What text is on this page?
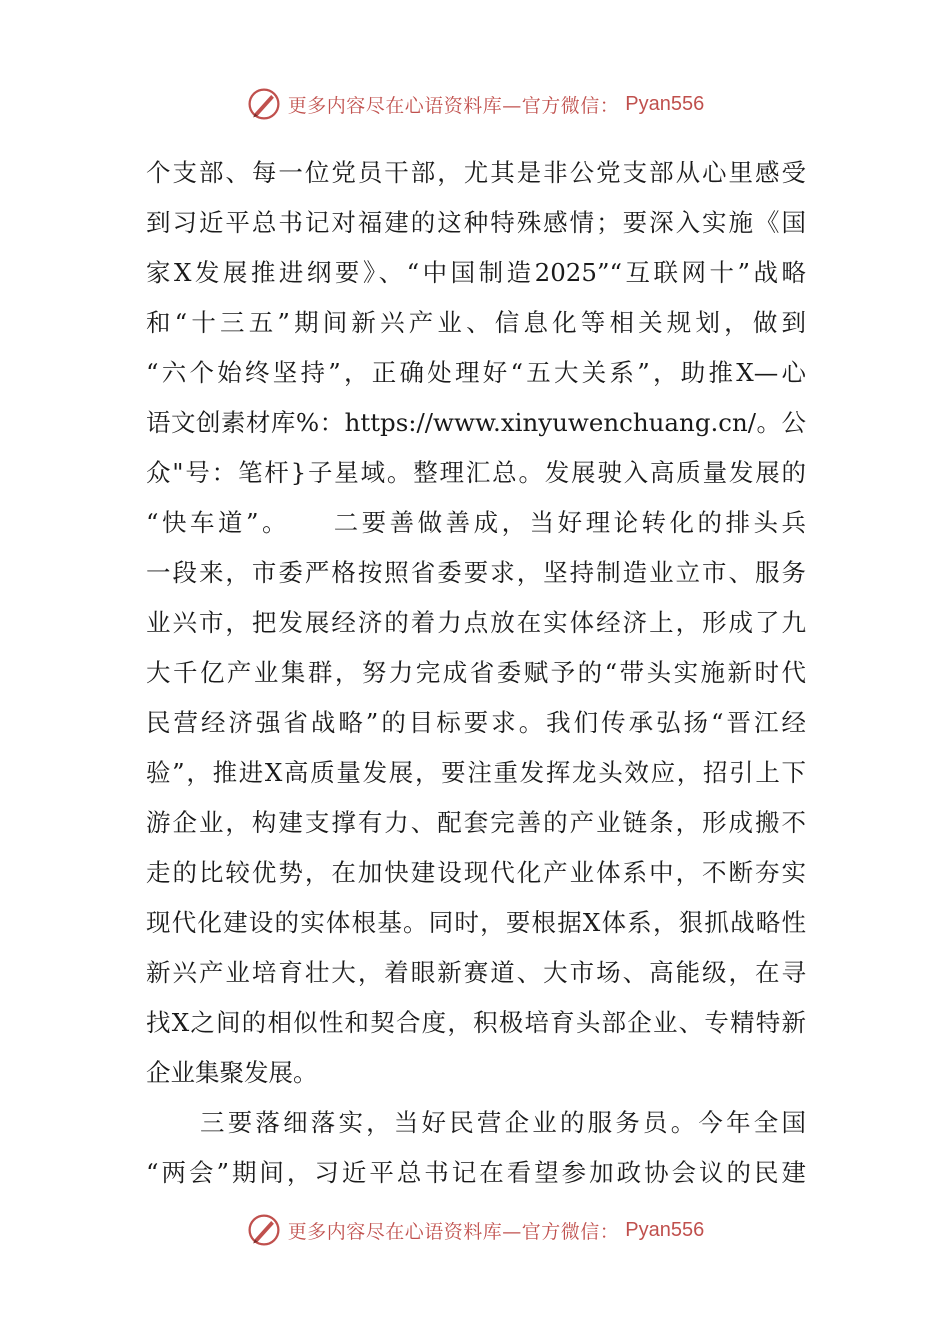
更多内容尽在心语资料库—官方微信： Pyan556
个支部、每一位党员干部，尤其是非公党支部从心里感受
到习近平总书记对福建的这种特殊感情；要深入实施《国
家X发展推进纲要》、“中国制造2025”“互联网十”战略
和“十三五”期间新兴产业、信息化等相关规划，做到
“六个始终坚持”，正确处理好“五大关系”，助推X—心
语文创素材库%：https://www.xinyuwenchuang.cn/。公
众"号：笔杆}子星域。整理汇总。发展驶入高质量发展的
“快车道”。　　二要善做善成，当好理论转化的排头兵
一段来，市委严格按照省委要求，坚持制造业立市、服务
业兴市，把发展经济的着力点放在实体经济上，形成了九
大千亿产业集群，努力完成省委赋予的“带头实施新时代
民营经济强省战略”的目标要求。我们传承弘扬“晋江经
验”，推进X高质量发展，要注重发挥龙头效应，招引上下
游企业，构建支撑有力、配套完善的产业链条，形成搬不
走的比较优势，在加快建设现代化产业体系中，不断夯实
现代化建设的实体根基。同时，要根据X体系，狠抓战略性
新兴产业培育壮大，着眼新赛道、大市场、高能级，在寻
找X之间的相似性和契合度，积极培育头部企业、专精特新
企业集聚发展。
三要落细落实，当好民营企业的服务员。今年全国
“两会”期间，习近平总书记在看望参加政协会议的民建
更多内容尽在心语资料库—官方微信： Pyan556
